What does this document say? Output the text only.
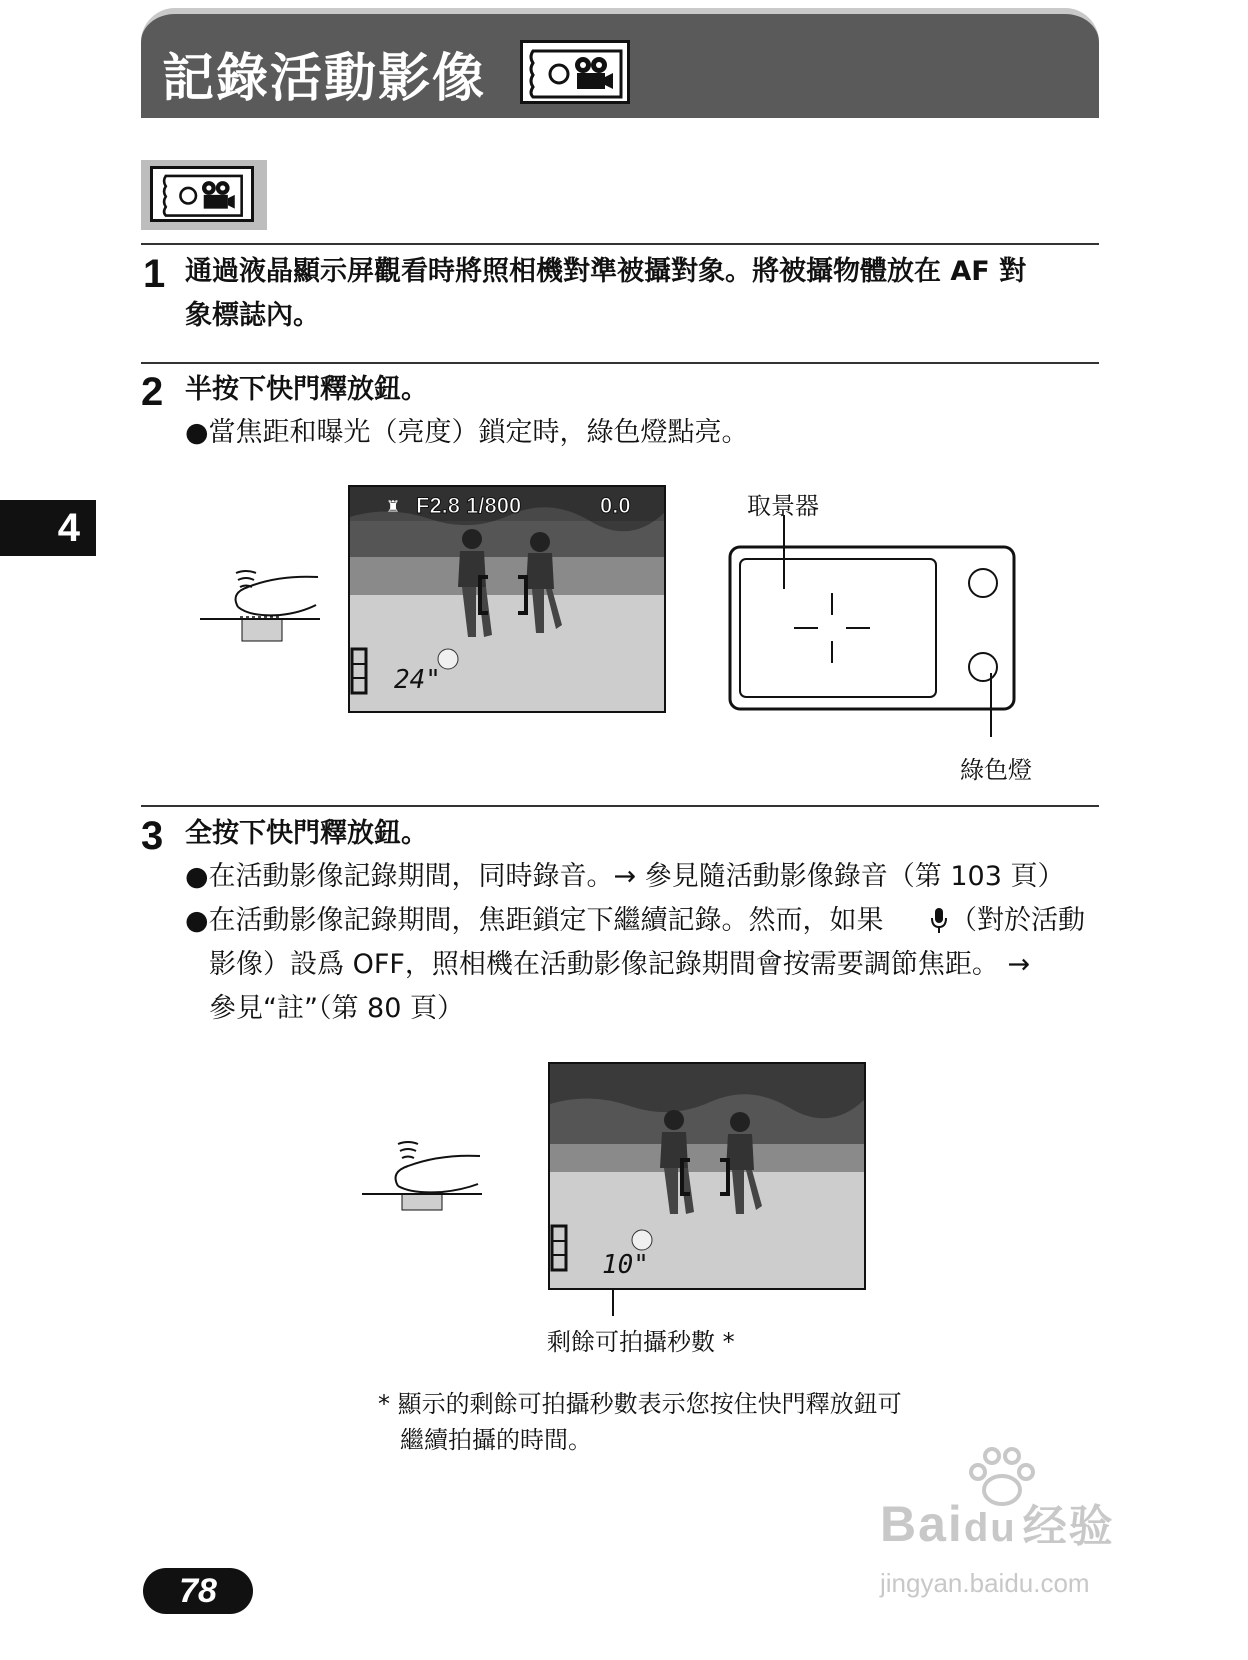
記錄活動影像
1 通過液晶顯示屏觀看時將照相機對準被攝對象。將被攝物體放在 AF 對
象標誌內。
2 半按下快門釋放鈕。
●當焦距和曝光（亮度）鎖定時，綠色燈點亮。
4
F2.8 1/800	0.0
♜
24"
取景器
綠色燈
3 全按下快門釋放鈕。
●在活動影像記錄期間，同時錄音。→ 參見隨活動影像錄音（第 103 頁）
●在活動影像記錄期間，焦距鎖定下繼續記錄。然而，如果 （對於活動
影像）設爲 OFF，照相機在活動影像記錄期間會按需要調節焦距。 →
參見“註”（第 80 頁）
10"
剩餘可拍攝秒數 *
* 顯示的剩餘可拍攝秒數表示您按住快門釋放鈕可
繼續拍攝的時間。
78
Baidu 经验
jingyan.baidu.com
